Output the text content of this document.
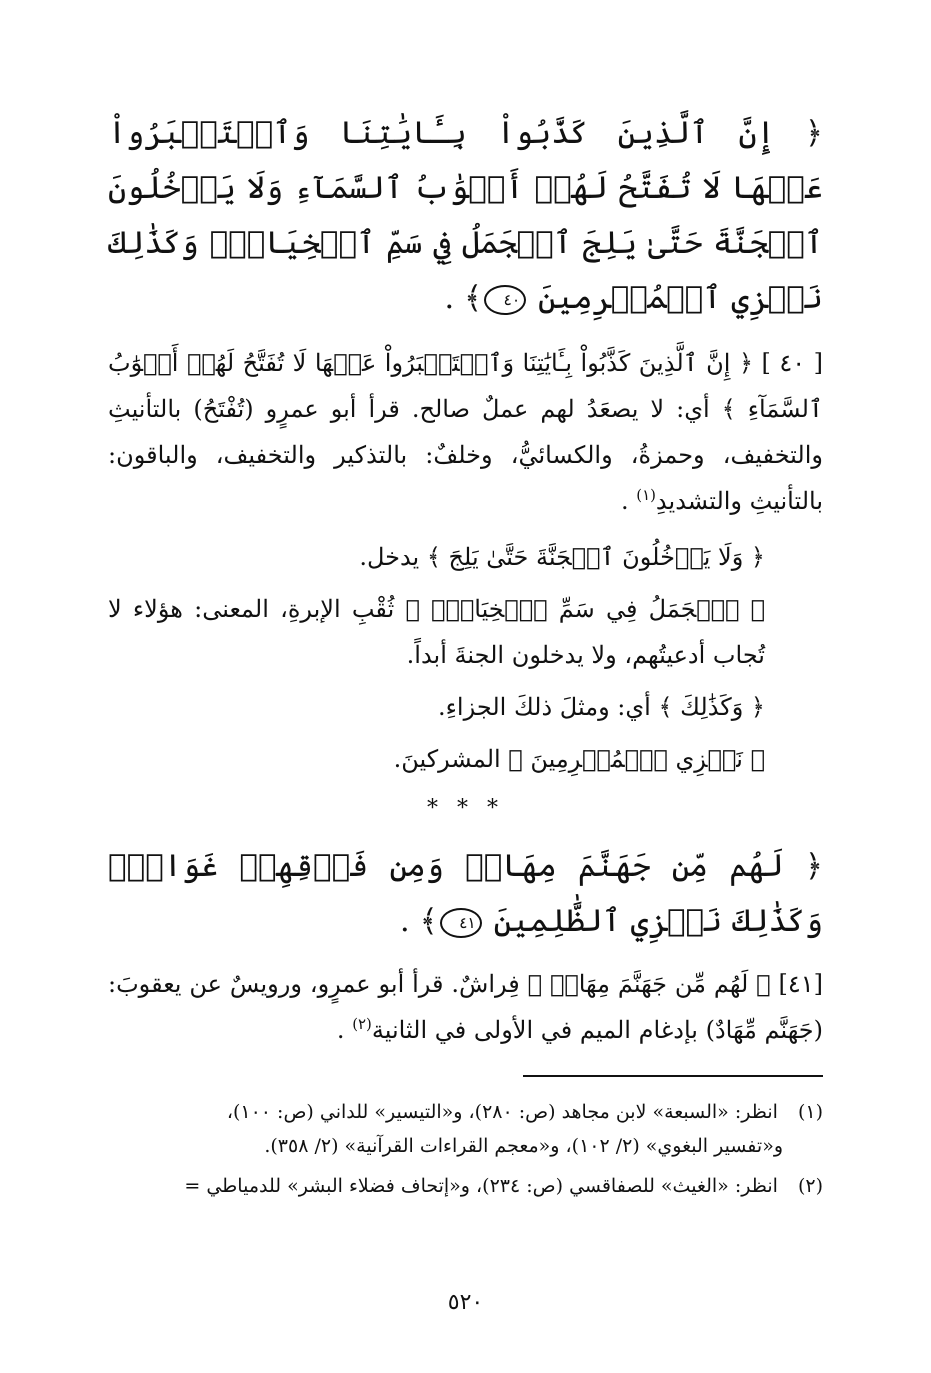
﴿ إِنَّ ٱلَّذِينَ كَذَّبُواْ بِـَٔايَٰتِنَا وَٱسۡتَكۡبَرُواْ عَنۡهَا لَا تُفَتَّحُ لَهُمۡ أَبۡوَٰبُ ٱلسَّمَآءِ وَلَا يَدۡخُلُونَ ٱلۡجَنَّةَ حَتَّىٰ يَلِجَ ٱلۡجَمَلُ فِي سَمِّ ٱلۡخِيَاطِۚ وَكَذَٰلِكَ نَجۡزِي ٱلۡمُجۡرِمِينَ ٤٠﴾ .

[ ٤٠ ] ﴿ إِنَّ ٱلَّذِينَ كَذَّبُواْ بِـَٔايَٰتِنَا وَٱسۡتَكۡبَرُواْ عَنۡهَا لَا تُفَتَّحُ لَهُمۡ أَبۡوَٰبُ ٱلسَّمَآءِ ﴾ أي: لا يصعَدُ لهم عملٌ صالح. قرأ أبو عمرٍو (تُفْتَحُ) بالتأنيثِ والتخفيف، وحمزةُ، والكسائيُّ، وخلفٌ: بالتذكير والتخفيف، والباقون: بالتأنيثِ والتشديدِ$^{(١)}$ .

﴿ وَلَا يَدۡخُلُونَ ٱلۡجَنَّةَ حَتَّىٰ يَلِجَ ﴾ يدخل.

﴿ ٱلۡجَمَلُ فِي سَمِّ ٱلۡخِيَاطِۚ ﴾ ثُقْبِ الإبرةِ، المعنى: هؤلاء لا تُجاب أدعيتُهم، ولا يدخلون الجنةَ أبداً.

﴿ وَكَذَٰلِكَ ﴾ أي: ومثلَ ذلكَ الجزاءِ.

﴿ نَجۡزِي ٱلۡمُجۡرِمِينَ ﴾ المشركينَ.

* * *

﴿ لَهُم مِّن جَهَنَّمَ مِهَادٞ وَمِن فَوۡقِهِمۡ غَوَاشٖۚ وَكَذَٰلِكَ نَجۡزِي ٱلظَّٰلِمِينَ ٤١﴾ .

[٤١] ﴿ لَهُم مِّن جَهَنَّمَ مِهَادٞ ﴾ فِراشٌ. قرأ أبو عمرٍو، ورويسٌ عن يعقوبَ: (جَهَنَّم مِّهَادٌ) بإدغام الميم في الأولى في الثانية$^{(٢)}$ .

(١) انظر: «السبعة» لابن مجاهد (ص: ٢٨٠)، و«التيسير» للداني (ص: ١٠٠)،
و«تفسير البغوي» (٢/ ١٠٢)، و«معجم القراءات القرآنية» (٢/ ٣٥٨).

(٢) انظر: «الغيث» للصفاقسي (ص: ٢٣٤)، و«إتحاف فضلاء البشر» للدمياطي =

٥٢٠
